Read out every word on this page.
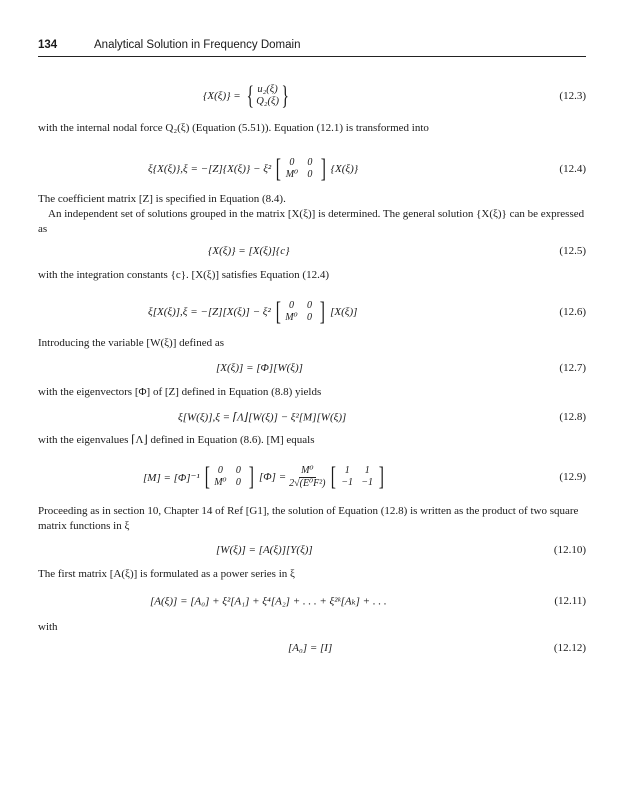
134	Analytical Solution in Frequency Domain
{X(ξ)} = { u₂(ξ)
Q₂(ξ) }	(12.3)

with the internal nodal force Q₂(ξ) (Equation (5.51)). Equation (12.1) is transformed into

ξ{X(ξ)},ξ = −[Z]{X(ξ)} − ξ² [ 0	0
M⁰ 0 ] {X(ξ)}	(12.4)

The coefficient matrix [Z] is specified in Equation (8.4).

An independent set of solutions grouped in the matrix [X(ξ)] is determined. The general solution {X(ξ)} can be expressed as

{X(ξ)} = [X(ξ)]{c}	(12.5)

with the integration constants {c}. [X(ξ)] satisfies Equation (12.4)

ξ[X(ξ)],ξ = −[Z][X(ξ)] − ξ² [ 0	0
M⁰ 0 ] [X(ξ)]	(12.6)

Introducing the variable [W(ξ)] defined as

[X(ξ)] = [Φ][W(ξ)]	(12.7)

with the eigenvectors [Φ] of [Z] defined in Equation (8.8) yields

ξ[W(ξ)],ξ = ⌈Λ⌋[W(ξ)] − ξ²[M][W(ξ)]	(12.8)

with the eigenvalues ⌈Λ⌋ defined in Equation (8.6). [M] equals

[M] = [Φ]⁻¹ [ 0	0
M⁰ 0 ] $[\Phi] = \frac{\text{M⁰}}{\text{2√(E⁰F²)}}$ [ 1	1
−1 −1 ]	(12.9)

Proceeding as in section 10, Chapter 14 of Ref [G1], the solution of Equation (12.8) is written as the product of two square matrix functions in ξ

[W(ξ)] = [A(ξ)][Y(ξ)]	(12.10)

The first matrix [A(ξ)] is formulated as a power series in ξ

[A(ξ)] = [A₀] + ξ²[A₁] + ξ⁴[A₂] + . . . + ξ²ᵏ[Aₖ] + . . .	(12.11)

with

[A₀] = [I]	(12.12)
